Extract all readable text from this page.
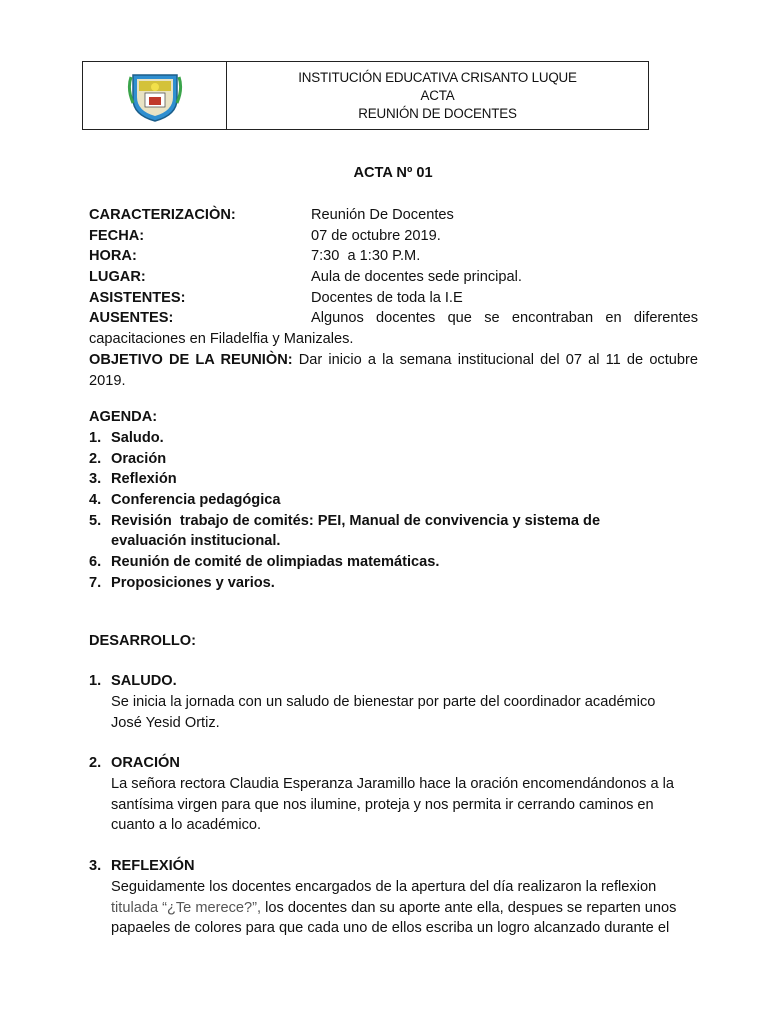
INSTITUCIÓN EDUCATIVA CRISANTO LUQUE
ACTA
REUNIÓN DE DOCENTES
ACTA Nº 01
CARACTERIZACIÒN:	Reunión De Docentes
FECHA:	07 de octubre 2019.
HORA:	7:30  a 1:30 P.M.
LUGAR:	Aula de docentes sede principal.
ASISTENTES:	Docentes de toda la I.E
AUSENTES:	Algunos docentes que se encontraban en diferentes
capacitaciones en Filadelfia y Manizales.
OBJETIVO DE LA REUNIÒN: Dar inicio a la semana institucional del 07 al 11 de octubre
2019.
AGENDA:
1. Saludo.
2. Oración
3. Reflexión
4. Conferencia pedagógica
5. Revisión  trabajo de comités: PEI, Manual de convivencia y sistema de
evaluación institucional.
6. Reunión de comité de olimpiadas matemáticas.
7. Proposiciones y varios.
DESARROLLO:
1. SALUDO.
Se inicia la jornada con un saludo de bienestar por parte del coordinador académico
José Yesid Ortiz.
2. ORACIÓN
La señora rectora Claudia Esperanza Jaramillo hace la oración encomendándonos a la
santísima virgen para que nos ilumine, proteja y nos permita ir cerrando caminos en
cuanto a lo académico.
3. REFLEXIÓN
Seguidamente los docentes encargados de la apertura del día realizaron la reflexion
titulada “¿Te merece?”, los docentes dan su aporte ante ella, despues se reparten unos
papaeles de colores para que cada uno de ellos escriba un logro alcanzado durante el
